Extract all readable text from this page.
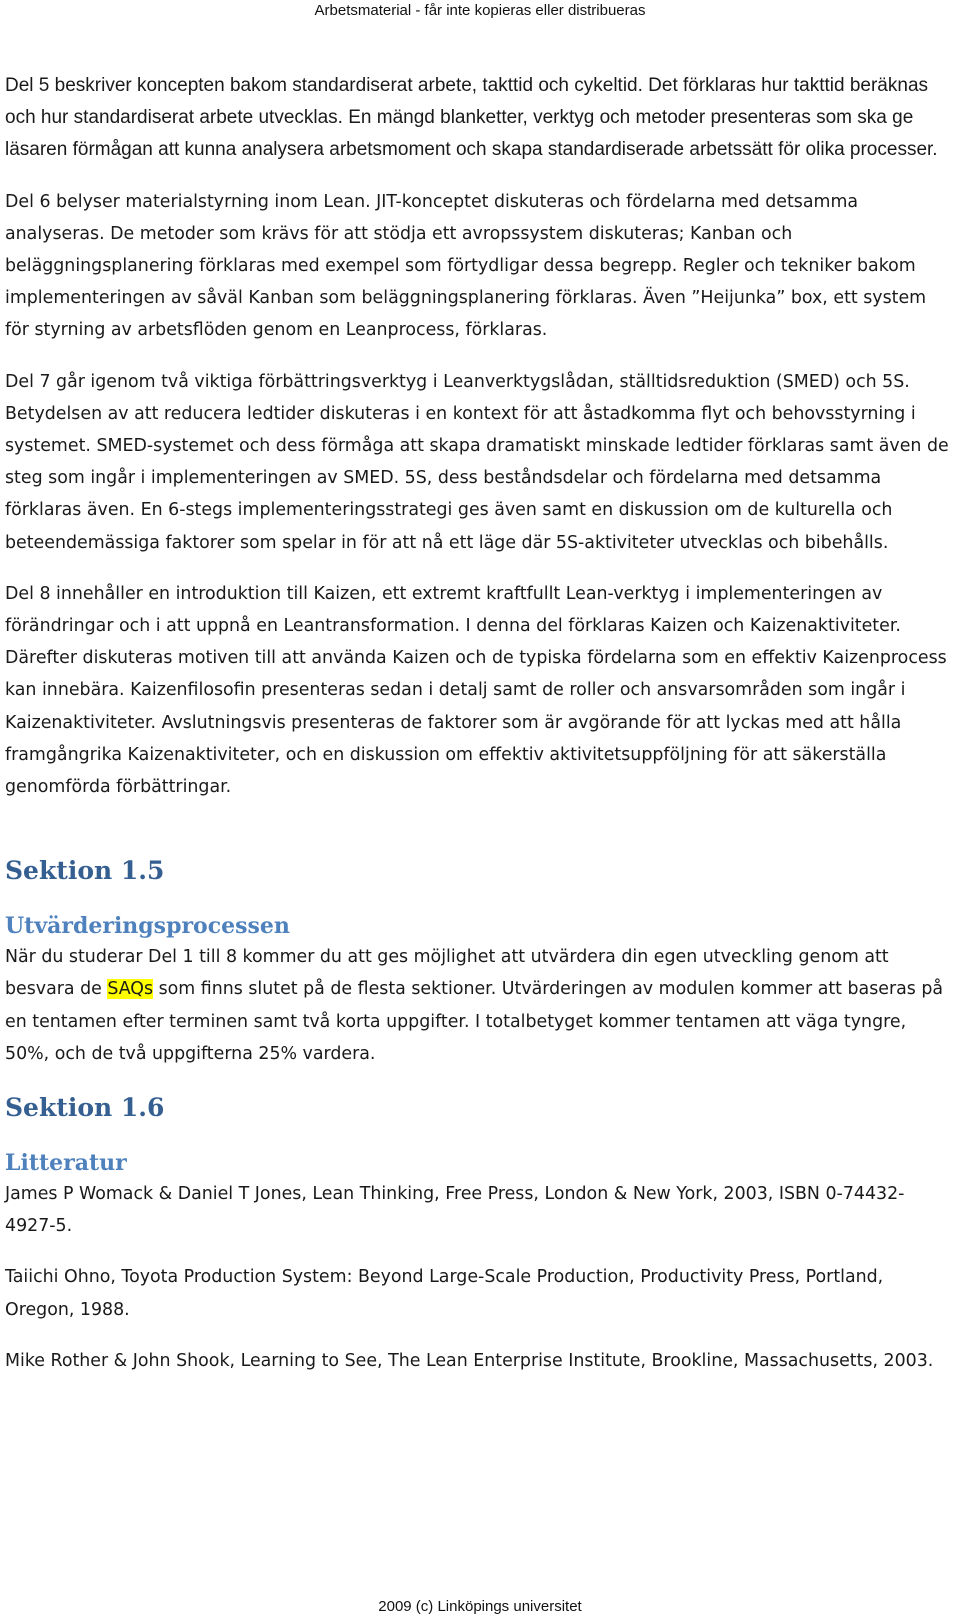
Arbetsmaterial - får inte kopieras eller distribueras

Del 5 beskriver koncepten bakom standardiserat arbete, takttid och cykeltid. Det förklaras hur takttid beräknas och hur standardiserat arbete utvecklas. En mängd blanketter, verktyg och metoder presenteras som ska ge läsaren förmågan att kunna analysera arbetsmoment och skapa standardiserade arbetssätt för olika processer.

Del 6 belyser materialstyrning inom Lean. JIT-konceptet diskuteras och fördelarna med detsamma analyseras. De metoder som krävs för att stödja ett avropssystem diskuteras; Kanban och beläggningsplanering förklaras med exempel som förtydligar dessa begrepp. Regler och tekniker bakom implementeringen av såväl Kanban som beläggningsplanering förklaras. Även ”Heijunka” box, ett system för styrning av arbetsflöden genom en Leanprocess, förklaras.

Del 7 går igenom två viktiga förbättringsverktyg i Leanverktygslådan, ställtidsreduktion (SMED) och 5S. Betydelsen av att reducera ledtider diskuteras i en kontext för att åstadkomma flyt och behovsstyrning i systemet. SMED-systemet och dess förmåga att skapa dramatiskt minskade ledtider förklaras samt även de steg som ingår i implementeringen av SMED. 5S, dess beståndsdelar och fördelarna med detsamma förklaras även. En 6-stegs implementeringsstrategi ges även samt en diskussion om de kulturella och beteendemässiga faktorer som spelar in för att nå ett läge där 5S-aktiviteter utvecklas och bibehålls.

Del 8 innehåller en introduktion till Kaizen, ett extremt kraftfullt Lean-verktyg i implementeringen av förändringar och i att uppnå en Leantransformation. I denna del förklaras Kaizen och Kaizenaktiviteter. Därefter diskuteras motiven till att använda Kaizen och de typiska fördelarna som en effektiv Kaizenprocess kan innebära. Kaizenfilosofin presenteras sedan i detalj samt de roller och ansvarsområden som ingår i Kaizenaktiviteter. Avslutningsvis presenteras de faktorer som är avgörande för att lyckas med att hålla framgångrika Kaizenaktiviteter, och en diskussion om effektiv aktivitetsuppföljning för att säkerställa genomförda förbättringar.

Sektion 1.5
Utvärderingsprocessen

När du studerar Del 1 till 8 kommer du att ges möjlighet att utvärdera din egen utveckling genom att besvara de SAQs som finns slutet på de flesta sektioner. Utvärderingen av modulen kommer att baseras på en tentamen efter terminen samt två korta uppgifter. I totalbetyget kommer tentamen att väga tyngre, 50%, och de två uppgifterna 25% vardera.

Sektion 1.6
Litteratur

James P Womack & Daniel T Jones, Lean Thinking, Free Press, London & New York, 2003, ISBN 0-74432-4927-5.

Taiichi Ohno, Toyota Production System: Beyond Large-Scale Production, Productivity Press, Portland, Oregon, 1988.

Mike Rother & John Shook, Learning to See, The Lean Enterprise Institute, Brookline, Massachusetts, 2003.

2009 (c) Linköpings universitet
